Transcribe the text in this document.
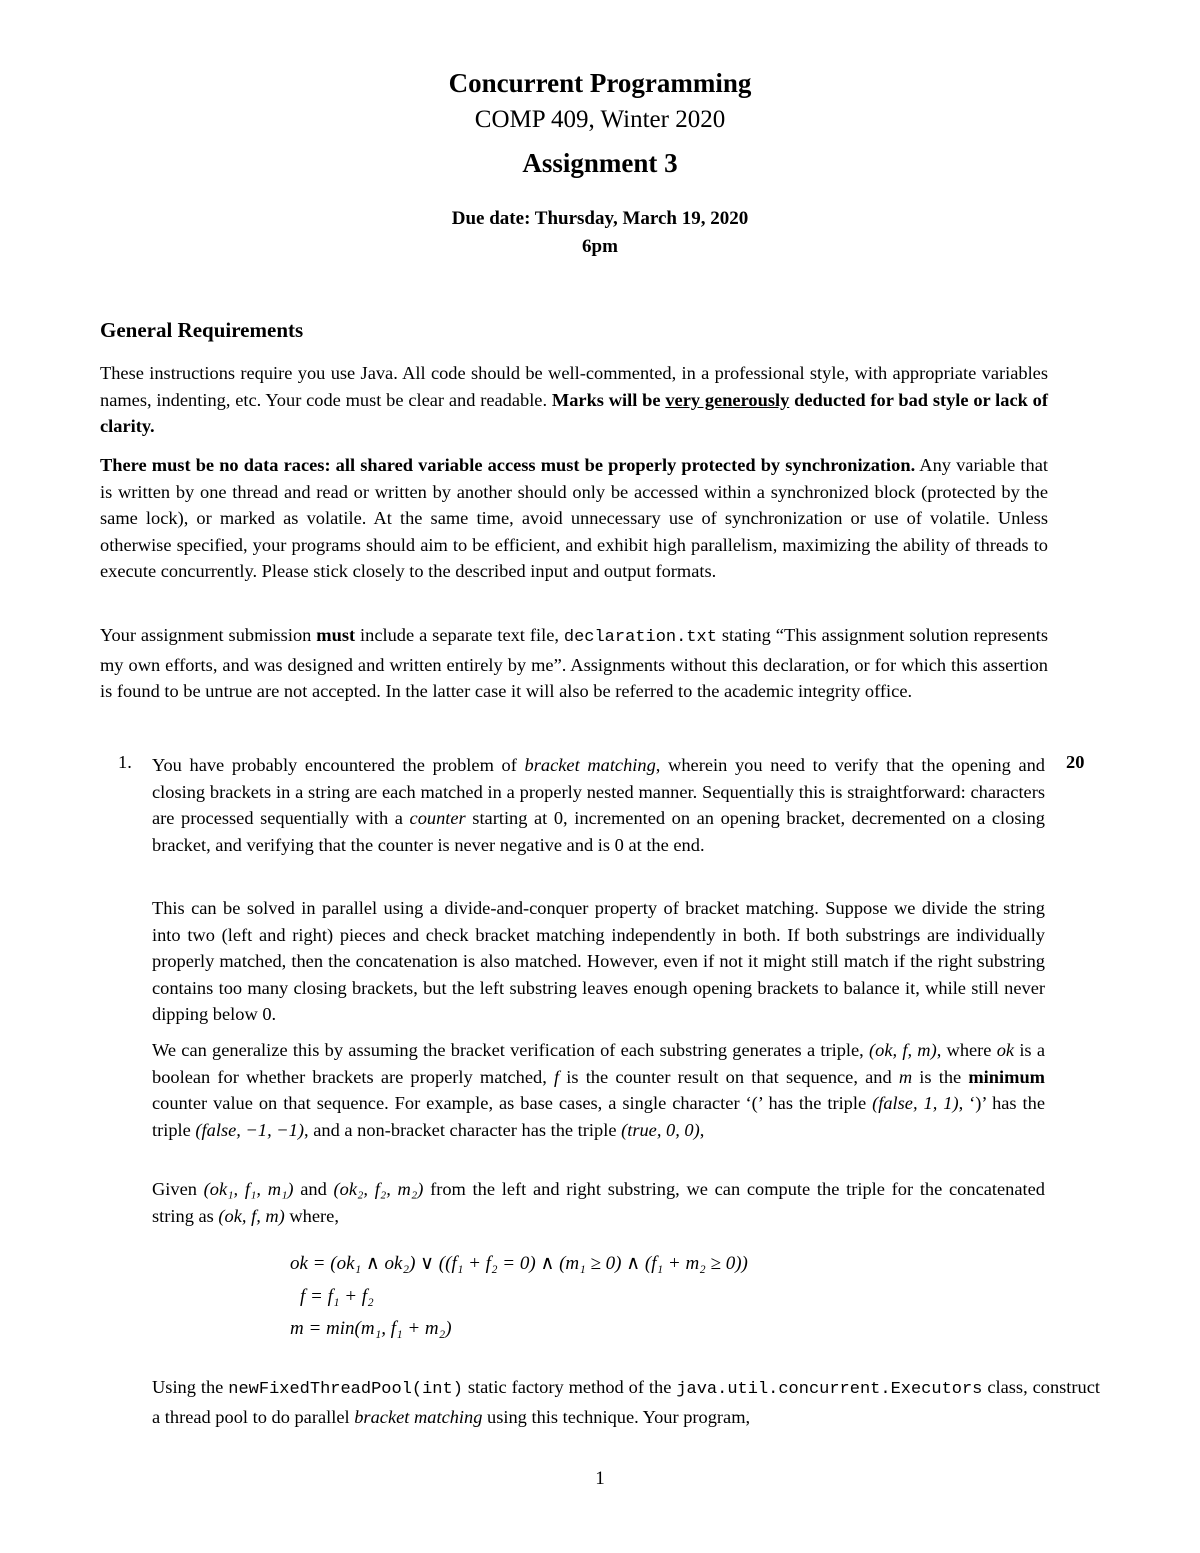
Concurrent Programming
COMP 409, Winter 2020
Assignment 3
Due date: Thursday, March 19, 2020
6pm
General Requirements

These instructions require you use Java. All code should be well-commented, in a professional style, with appropriate variables names, indenting, etc. Your code must be clear and readable. Marks will be very generously deducted for bad style or lack of clarity.

There must be no data races: all shared variable access must be properly protected by synchronization. Any variable that is written by one thread and read or written by another should only be accessed within a synchronized block (protected by the same lock), or marked as volatile. At the same time, avoid unnecessary use of synchronization or use of volatile. Unless otherwise specified, your programs should aim to be efficient, and exhibit high parallelism, maximizing the ability of threads to execute concurrently. Please stick closely to the described input and output formats.

Your assignment submission must include a separate text file, declaration.txt stating “This assignment solution represents my own efforts, and was designed and written entirely by me”. Assignments without this declaration, or for which this assertion is found to be untrue are not accepted. In the latter case it will also be referred to the academic integrity office.

1.	20

You have probably encountered the problem of bracket matching, wherein you need to verify that the opening and closing brackets in a string are each matched in a properly nested manner. Sequentially this is straightforward: characters are processed sequentially with a counter starting at 0, incremented on an opening bracket, decremented on a closing bracket, and verifying that the counter is never negative and is 0 at the end.

This can be solved in parallel using a divide-and-conquer property of bracket matching. Suppose we divide the string into two (left and right) pieces and check bracket matching independently in both. If both substrings are individually properly matched, then the concatenation is also matched. However, even if not it might still match if the right substring contains too many closing brackets, but the left substring leaves enough opening brackets to balance it, while still never dipping below 0.

We can generalize this by assuming the bracket verification of each substring generates a triple, (ok, f, m), where ok is a boolean for whether brackets are properly matched, f is the counter result on that sequence, and m is the minimum counter value on that sequence. For example, as base cases, a single character ‘(’ has the triple (false, 1, 1), ‘)’ has the triple (false, −1, −1), and a non-bracket character has the triple (true, 0, 0),

Given (ok₁, f₁, m₁) and (ok₂, f₂, m₂) from the left and right substring, we can compute the triple for the concatenated string as (ok, f, m) where,

ok = (ok₁ ∧ ok₂) ∨ ((f₁ + f₂ = 0) ∧ (m₁ ≥ 0) ∧ (f₁ + m₂ ≥ 0))
f = f₁ + f₂
m = min(m₁, f₁ + m₂)

Using the newFixedThreadPool(int) static factory method of the java.util.concurrent.Executors class, construct a thread pool to do parallel bracket matching using this technique. Your program,

1
